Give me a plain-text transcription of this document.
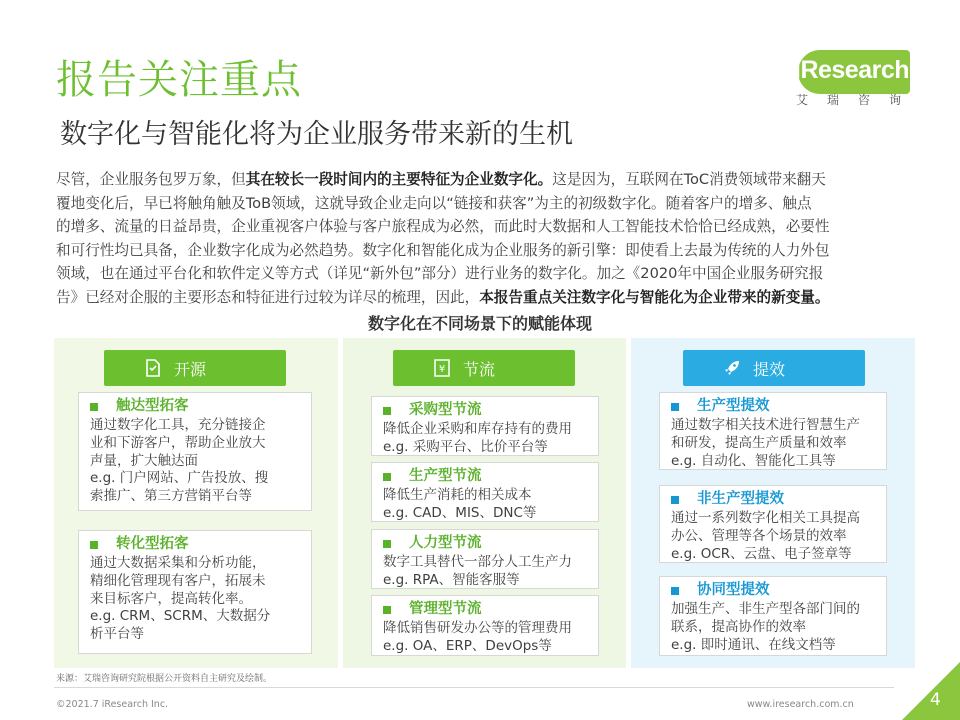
报告关注重点
数字化与智能化将为企业服务带来新的生机
iResearch
艾瑞咨询
尽管，企业服务包罗万象，但其在较长一段时间内的主要特征为企业数字化。这是因为，互联网在ToC消费领域带来翻天
覆地变化后，早已将触角触及ToB领域，这就导致企业走向以“链接和获客”为主的初级数字化。随着客户的增多、触点
的增多、流量的日益昂贵，企业重视客户体验与客户旅程成为必然，而此时大数据和人工智能技术恰恰已经成熟，必要性
和可行性均已具备，企业数字化成为必然趋势。数字化和智能化成为企业服务的新引擎：即使看上去最为传统的人力外包
领域，也在通过平台化和软件定义等方式（详见“新外包”部分）进行业务的数字化。加之《2020年中国企业服务研究报
告》已经对企服的主要形态和特征进行过较为详尽的梳理，因此，本报告重点关注数字化与智能化为企业带来的新变量。
数字化在不同场景下的赋能体现
开源
触达型拓客
通过数字化工具，充分链接企
业和下游客户，帮助企业放大
声量，扩大触达面
e.g. 门户网站、广告投放、搜
索推广、第三方营销平台等
转化型拓客
通过大数据采集和分析功能，
精细化管理现有客户，拓展未
来目标客户，提高转化率。
e.g. CRM、SCRM、大数据分
析平台等
¥ 节流
采购型节流
降低企业采购和库存持有的费用
e.g. 采购平台、比价平台等
生产型节流
降低生产消耗的相关成本
e.g. CAD、MIS、DNC等
人力型节流
数字工具替代一部分人工生产力
e.g. RPA、智能客服等
管理型节流
降低销售研发办公等的管理费用
e.g. OA、ERP、DevOps等
提效
生产型提效
通过数字相关技术进行智慧生产
和研发，提高生产质量和效率
e.g. 自动化、智能化工具等
非生产型提效
通过一系列数字化相关工具提高
办公、管理等各个场景的效率
e.g. OCR、云盘、电子签章等
协同型提效
加强生产、非生产型各部门间的
联系，提高协作的效率
e.g. 即时通讯、在线文档等
来源：艾瑞咨询研究院根据公开资料自主研究及绘制。
©2021.7 iResearch Inc.	www.iresearch.com.cn	4
